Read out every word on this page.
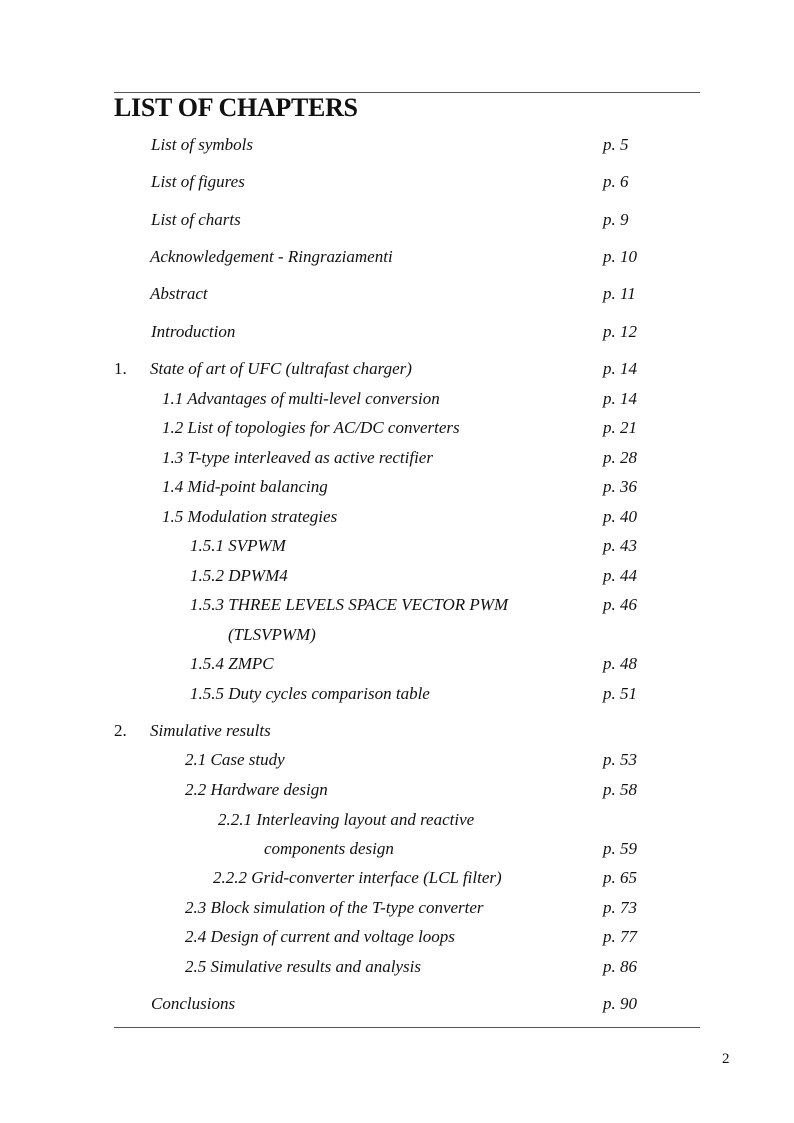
LIST OF CHAPTERS
List of symbols	p. 5
List of figures	p. 6
List of charts	p. 9
Acknowledgement - Ringraziamenti	p. 10
Abstract	p. 11
Introduction	p. 12
1. State of art of UFC (ultrafast charger)	p. 14
1.1 Advantages of multi-level conversion	p. 14
1.2 List of topologies for AC/DC converters	p. 21
1.3 T-type interleaved as active rectifier	p. 28
1.4 Mid-point balancing	p. 36
1.5 Modulation strategies	p. 40
1.5.1 SVPWM	p. 43
1.5.2 DPWM4	p. 44
1.5.3 THREE LEVELS SPACE VECTOR PWM	p. 46
(TLSVPWM)
1.5.4 ZMPC	p. 48
1.5.5 Duty cycles comparison table	p. 51
2. Simulative results
2.1 Case study	p. 53
2.2 Hardware design	p. 58
2.2.1 Interleaving layout and reactive
components design	p. 59
2.2.2 Grid-converter interface (LCL filter)	p. 65
2.3 Block simulation of the T-type converter	p. 73
2.4 Design of current and voltage loops	p. 77
2.5 Simulative results and analysis	p. 86
Conclusions	p. 90
2
